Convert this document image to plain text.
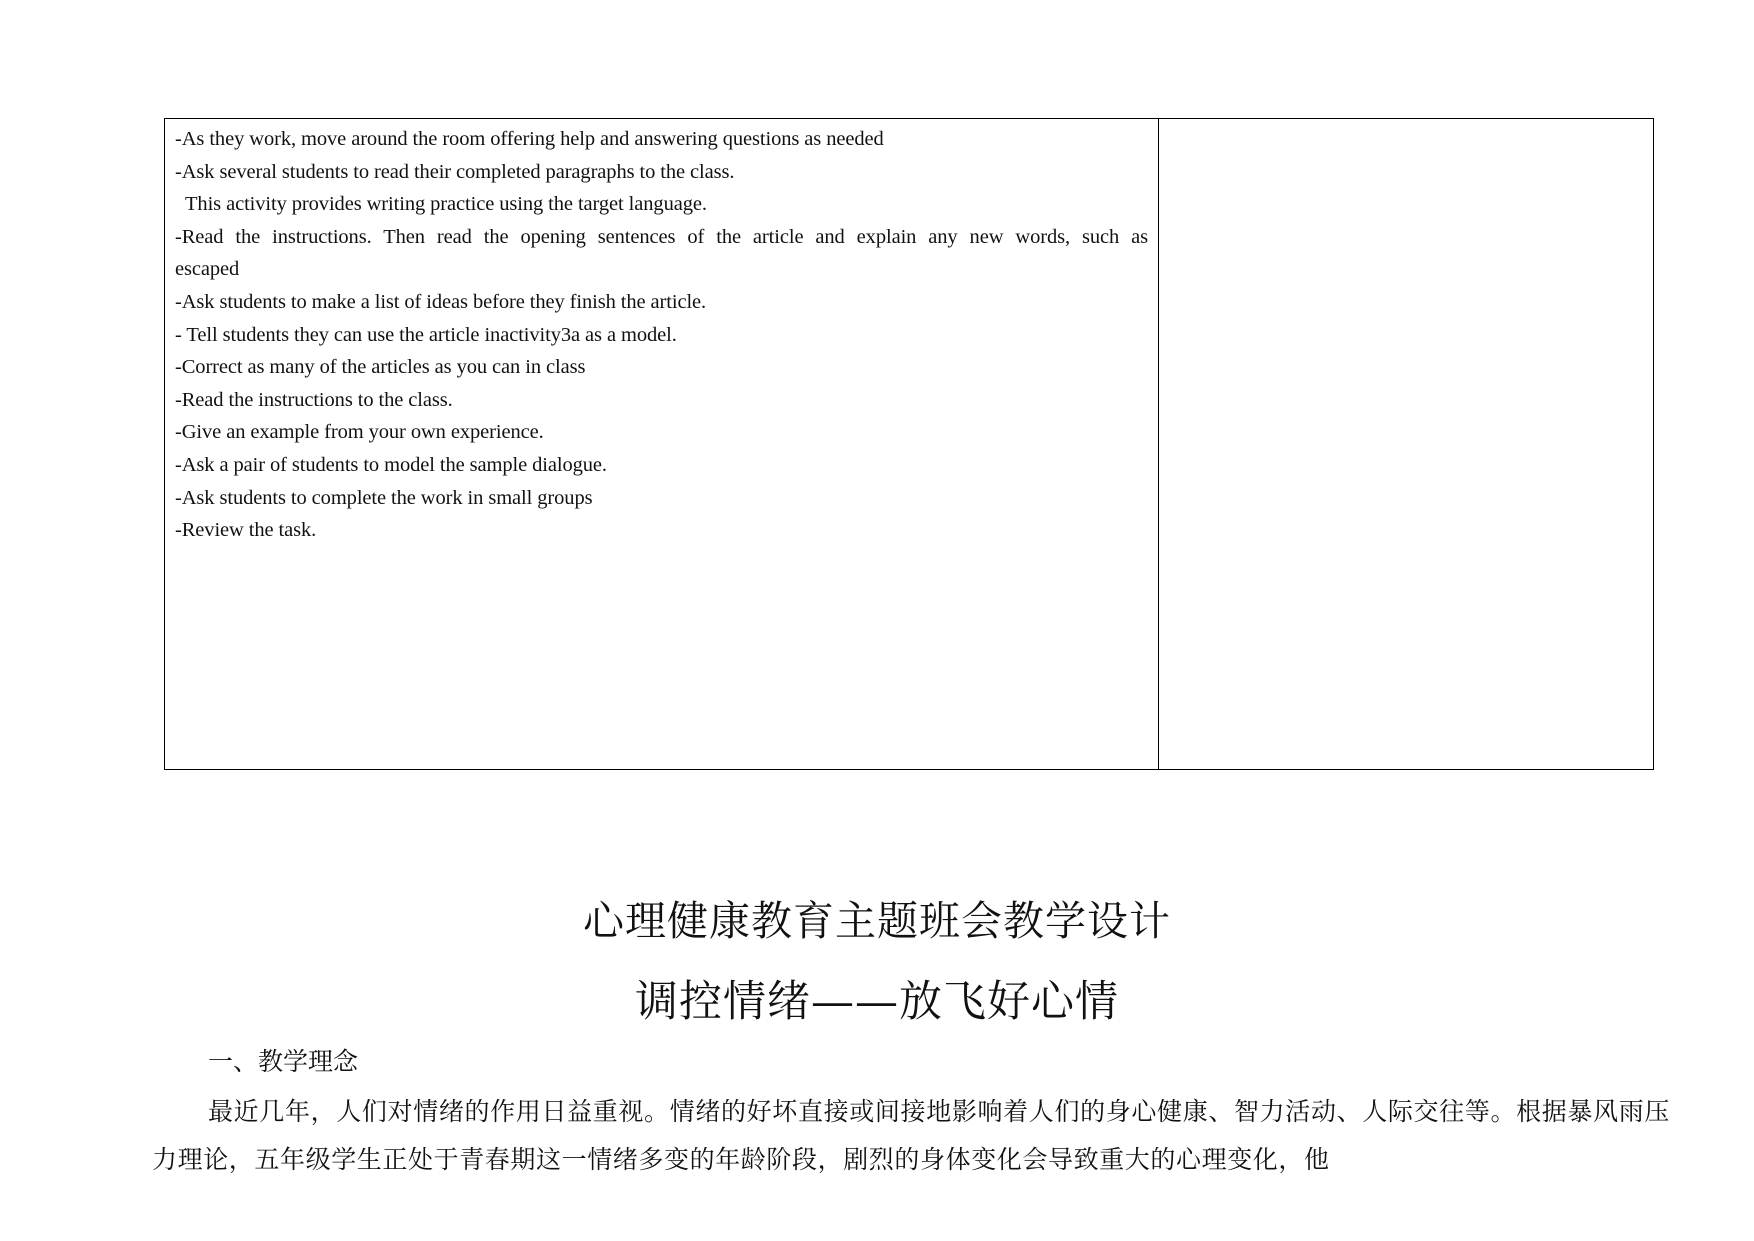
-As they work, move around the room offering help and answering questions as needed
-Ask several students to read their completed paragraphs to the class.
This activity provides writing practice using the target language.
-Read the instructions. Then read the opening sentences of the article and explain any new words, such as
escaped
-Ask students to make a list of ideas before they finish the article.
- Tell students they can use the article inactivity3a as a model.
-Correct as many of the articles as you can in class
-Read the instructions to the class.
-Give an example from your own experience.
-Ask a pair of students to model the sample dialogue.
-Ask students to complete the work in small groups
-Review the task.
心理健康教育主题班会教学设计
调控情绪——放飞好心情
一、教学理念
最近几年，人们对情绪的作用日益重视。情绪的好坏直接或间接地影响着人们的身心健康、智力活动、人际交往等。根据暴风雨压力理论，五年级学生正处于青春期这一情绪多变的年龄阶段，剧烈的身体变化会导致重大的心理变化，他
